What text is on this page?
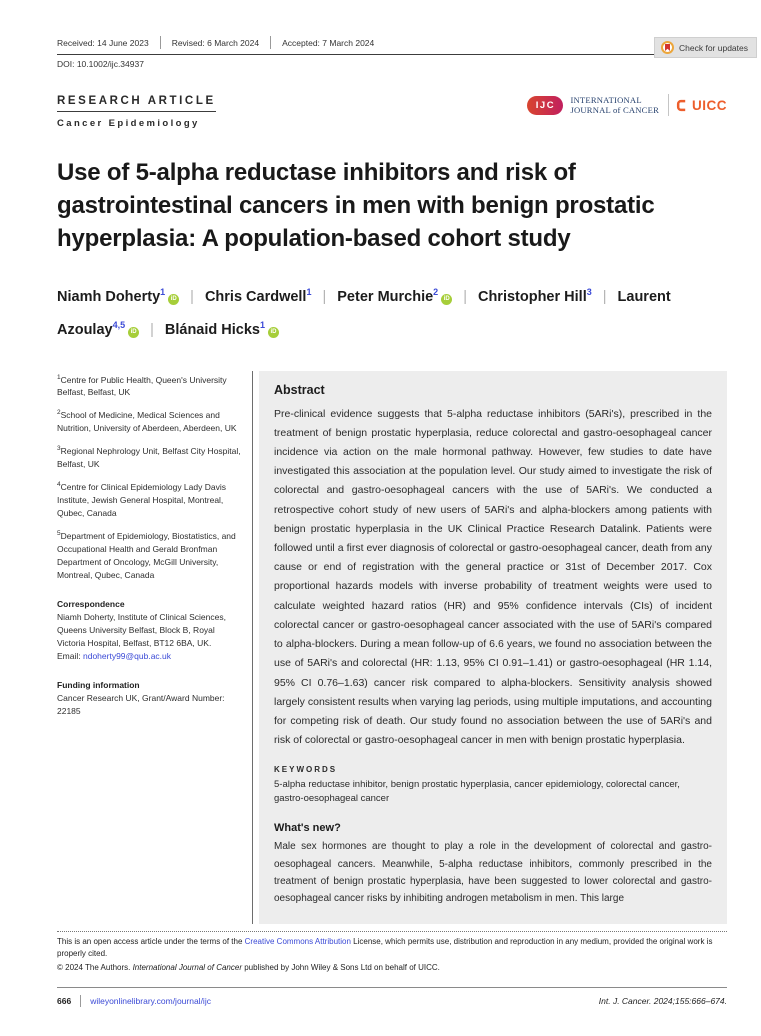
Check for updates
Received: 14 June 2023	Revised: 6 March 2024	Accepted: 7 March 2024
DOI: 10.1002/ijc.34937
RESEARCH ARTICLE
Cancer Epidemiology
IJC	INTERNATIONAL
JOURNAL of CANCER UICC
Use of 5-alpha reductase inhibitors and risk of gastrointestinal cancers in men with benign prostatic hyperplasia: A population-based cohort study
Niamh Doherty$^1$iD | Chris Cardwell$^1$ | Peter Murchie$^2$iD | Christopher Hill$^3$ | Laurent Azoulay$^{4,5}$iD | Blánaid Hicks$^1$iD
$^1$Centre for Public Health, Queen's University Belfast, Belfast, UK
$^2$School of Medicine, Medical Sciences and Nutrition, University of Aberdeen, Aberdeen, UK
$^3$Regional Nephrology Unit, Belfast City Hospital, Belfast, UK
$^4$Centre for Clinical Epidemiology Lady Davis Institute, Jewish General Hospital, Montreal, Qubec, Canada
$^5$Department of Epidemiology, Biostatistics, and Occupational Health and Gerald Bronfman Department of Oncology, McGill University, Montreal, Qubec, Canada
Correspondence
Niamh Doherty, Institute of Clinical Sciences, Queens University Belfast, Block B, Royal Victoria Hospital, Belfast, BT12 6BA, UK.
Email: ndoherty99@qub.ac.uk
Funding information
Cancer Research UK, Grant/Award Number: 22185
Abstract

Pre-clinical evidence suggests that 5-alpha reductase inhibitors (5ARi's), prescribed in the treatment of benign prostatic hyperplasia, reduce colorectal and gastro-oesophageal cancer incidence via action on the male hormonal pathway. However, few studies to date have investigated this association at the population level. Our study aimed to investigate the risk of colorectal and gastro-oesophageal cancers with the use of 5ARi's. We conducted a retrospective cohort study of new users of 5ARi's and alpha-blockers among patients with benign prostatic hyperplasia in the UK Clinical Practice Research Datalink. Patients were followed until a first ever diagnosis of colorectal or gastro-oesophageal cancer, death from any cause or end of registration with the general practice or 31st of December 2017. Cox proportional hazards models with inverse probability of treatment weights were used to calculate weighted hazard ratios (HR) and 95% confidence intervals (CIs) of incident colorectal cancer or gastro-oesophageal cancer associated with the use of 5ARi's compared to alpha-blockers. During a mean follow-up of 6.6 years, we found no association between the use of 5ARi's and colorectal (HR: 1.13, 95% CI 0.91–1.41) or gastro-oesophageal (HR 1.14, 95% CI 0.76–1.63) cancer risk compared to alpha-blockers. Sensitivity analysis showed largely consistent results when varying lag periods, using multiple imputations, and accounting for competing risk of death. Our study found no association between the use of 5ARi's and risk of colorectal or gastro-oesophageal cancer in men with benign prostatic hyperplasia.

KEYWORDS

5-alpha reductase inhibitor, benign prostatic hyperplasia, cancer epidemiology, colorectal cancer, gastro-oesophageal cancer

What's new?

Male sex hormones are thought to play a role in the development of colorectal and gastro-oesophageal cancers. Meanwhile, 5-alpha reductase inhibitors, commonly prescribed in the treatment of benign prostatic hyperplasia, have been suggested to lower colorectal and gastro-oesophageal cancer risks by inhibiting androgen metabolism in men. This large

This is an open access article under the terms of the Creative Commons Attribution License, which permits use, distribution and reproduction in any medium, provided the original work is properly cited.

© 2024 The Authors. International Journal of Cancer published by John Wiley & Sons Ltd on behalf of UICC.

666 wileyonlinelibrary.com/journal/ijc	Int. J. Cancer. 2024;155:666–674.
